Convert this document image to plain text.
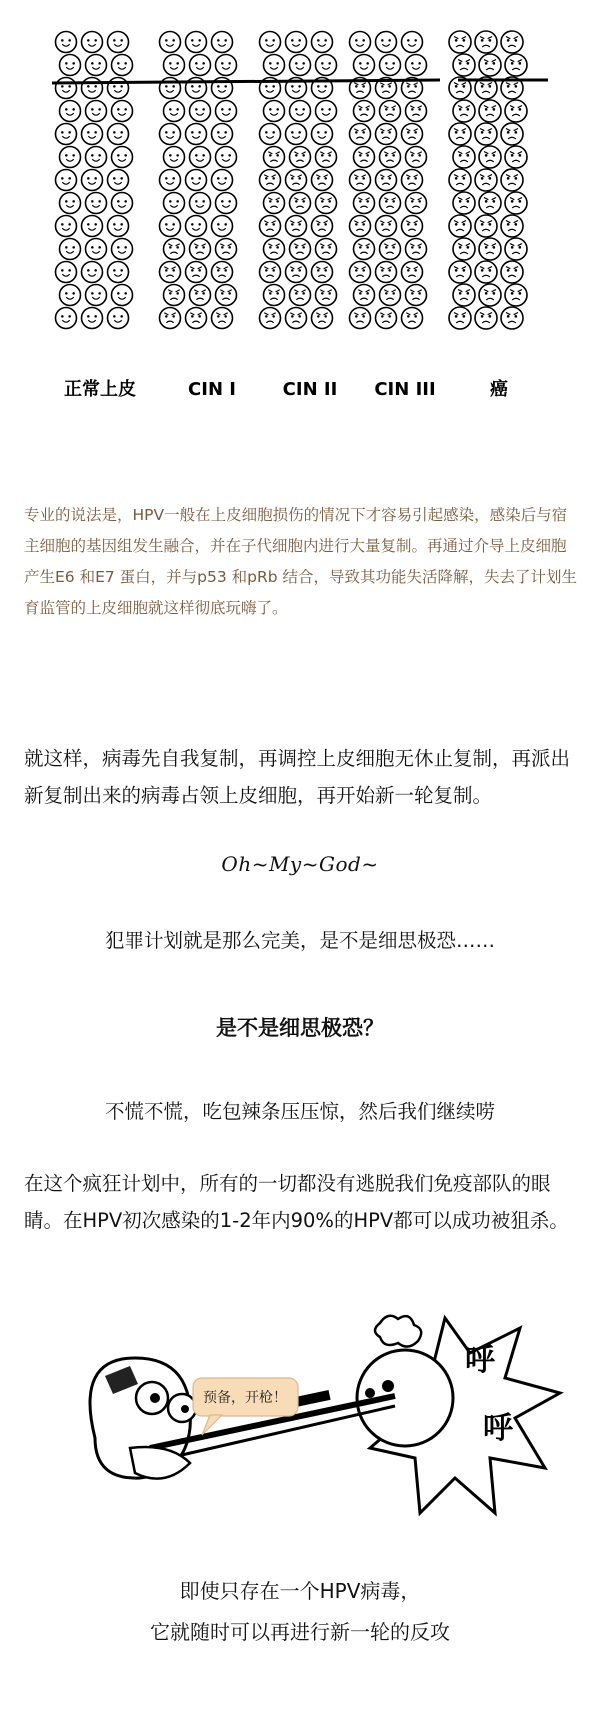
正常上皮	CIN I	CIN II CIN III	癌

专业的说法是，HPV一般在上皮细胞损伤的情况下才容易引起感染，感染后与宿主细胞的基因组发生融合，并在子代细胞内进行大量复制。再通过介导上皮细胞产生E6 和E7 蛋白，并与p53 和pRb 结合，导致其功能失活降解，失去了计划生育监管的上皮细胞就这样彻底玩嗨了。

就这样，病毒先自我复制，再调控上皮细胞无休止复制，再派出新复制出来的病毒占领上皮细胞，再开始新一轮复制。

Oh~My~God~

犯罪计划就是那么完美，是不是细思极恐……

是不是细思极恐？

不慌不慌，吃包辣条压压惊，然后我们继续唠

在这个疯狂计划中，所有的一切都没有逃脱我们免疫部队的眼睛。在HPV初次感染的1-2年内90%的HPV都可以成功被狙杀。

呼
呼
预备，开枪！

即使只存在一个HPV病毒，

它就随时可以再进行新一轮的反攻
